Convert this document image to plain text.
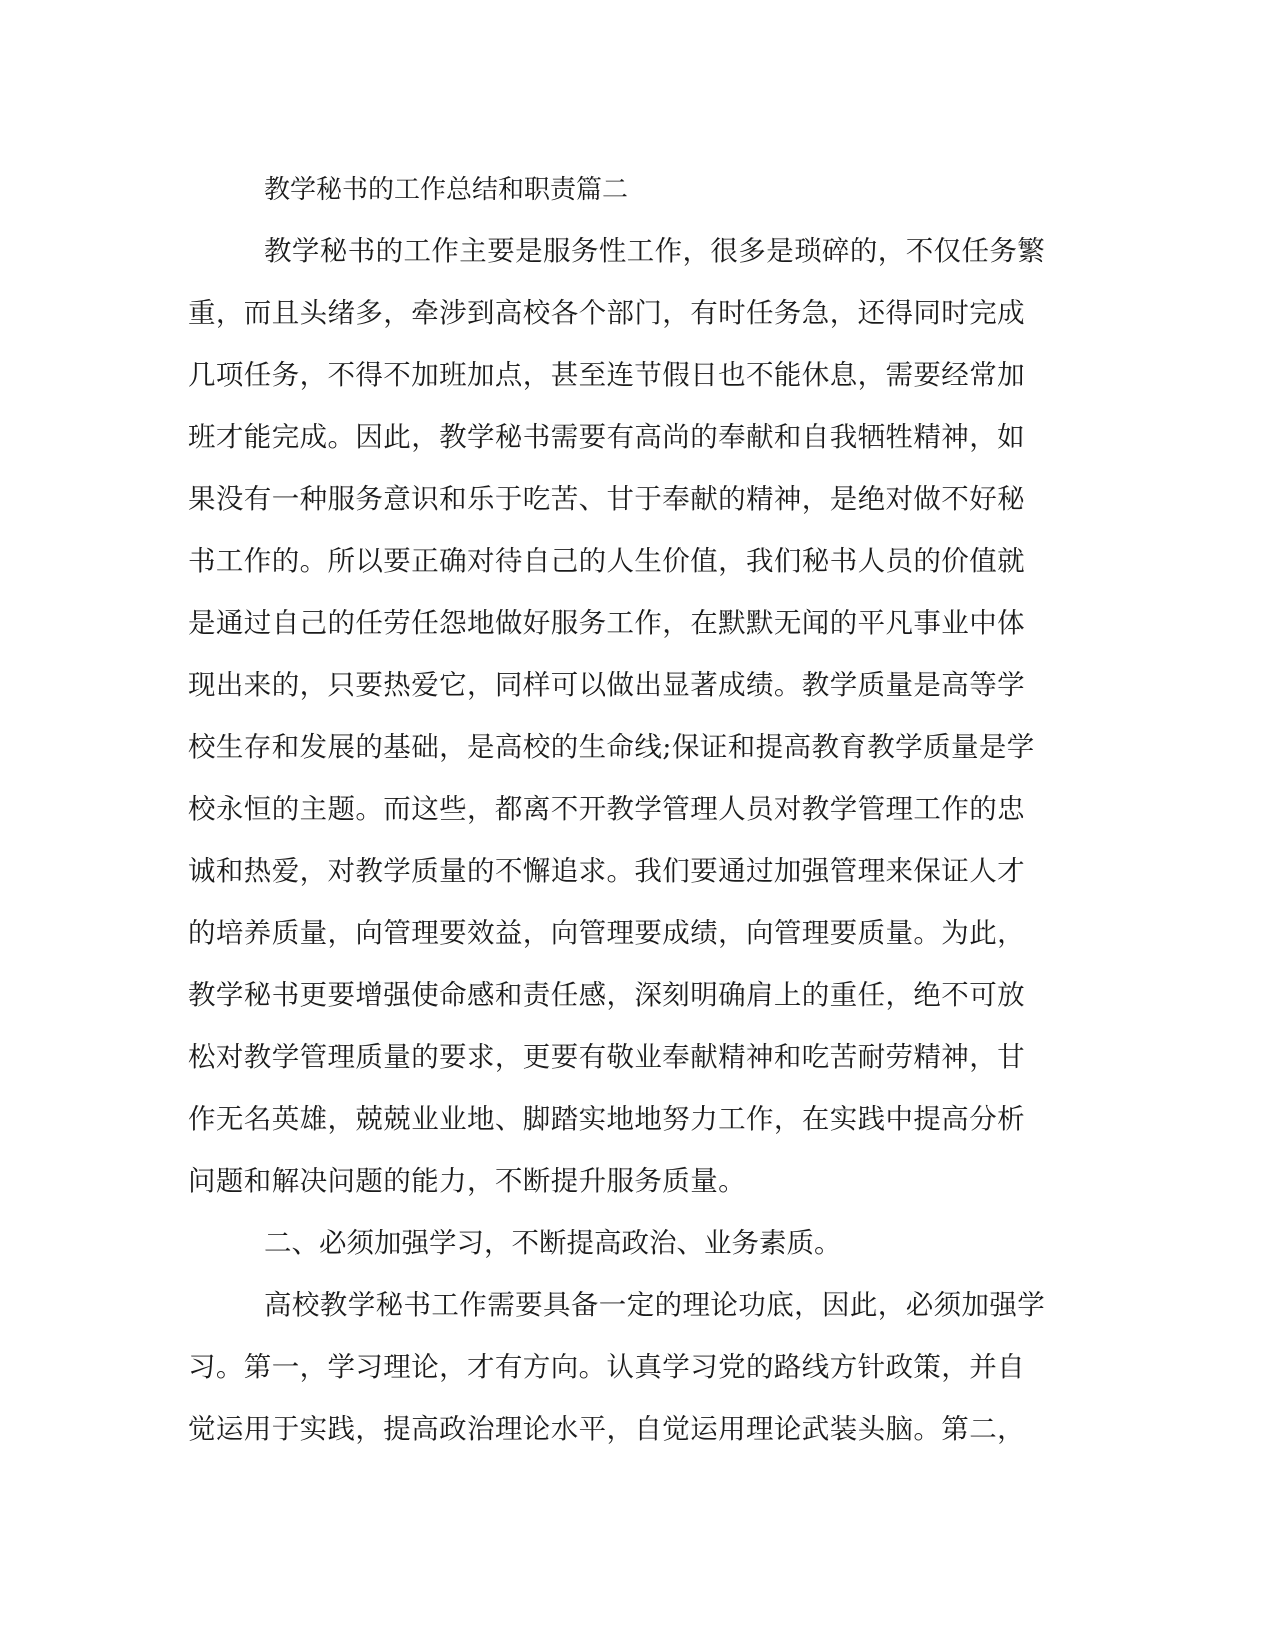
教学秘书的工作总结和职责篇二
教学秘书的工作主要是服务性工作，很多是琐碎的，不仅任务繁
重，而且头绪多，牵涉到高校各个部门，有时任务急，还得同时完成
几项任务，不得不加班加点，甚至连节假日也不能休息，需要经常加
班才能完成。因此，教学秘书需要有高尚的奉献和自我牺牲精神，如
果没有一种服务意识和乐于吃苦、甘于奉献的精神，是绝对做不好秘
书工作的。所以要正确对待自己的人生价值，我们秘书人员的价值就
是通过自己的任劳任怨地做好服务工作，在默默无闻的平凡事业中体
现出来的，只要热爱它，同样可以做出显著成绩。教学质量是高等学
校生存和发展的基础，是高校的生命线;保证和提高教育教学质量是学
校永恒的主题。而这些，都离不开教学管理人员对教学管理工作的忠
诚和热爱，对教学质量的不懈追求。我们要通过加强管理来保证人才
的培养质量，向管理要效益，向管理要成绩，向管理要质量。为此，
教学秘书更要增强使命感和责任感，深刻明确肩上的重任，绝不可放
松对教学管理质量的要求，更要有敬业奉献精神和吃苦耐劳精神，甘
作无名英雄，兢兢业业地、脚踏实地地努力工作，在实践中提高分析
问题和解决问题的能力，不断提升服务质量。
二、必须加强学习，不断提高政治、业务素质。
高校教学秘书工作需要具备一定的理论功底，因此，必须加强学
习。第一，学习理论，才有方向。认真学习党的路线方针政策，并自
觉运用于实践，提高政治理论水平，自觉运用理论武装头脑。第二，
